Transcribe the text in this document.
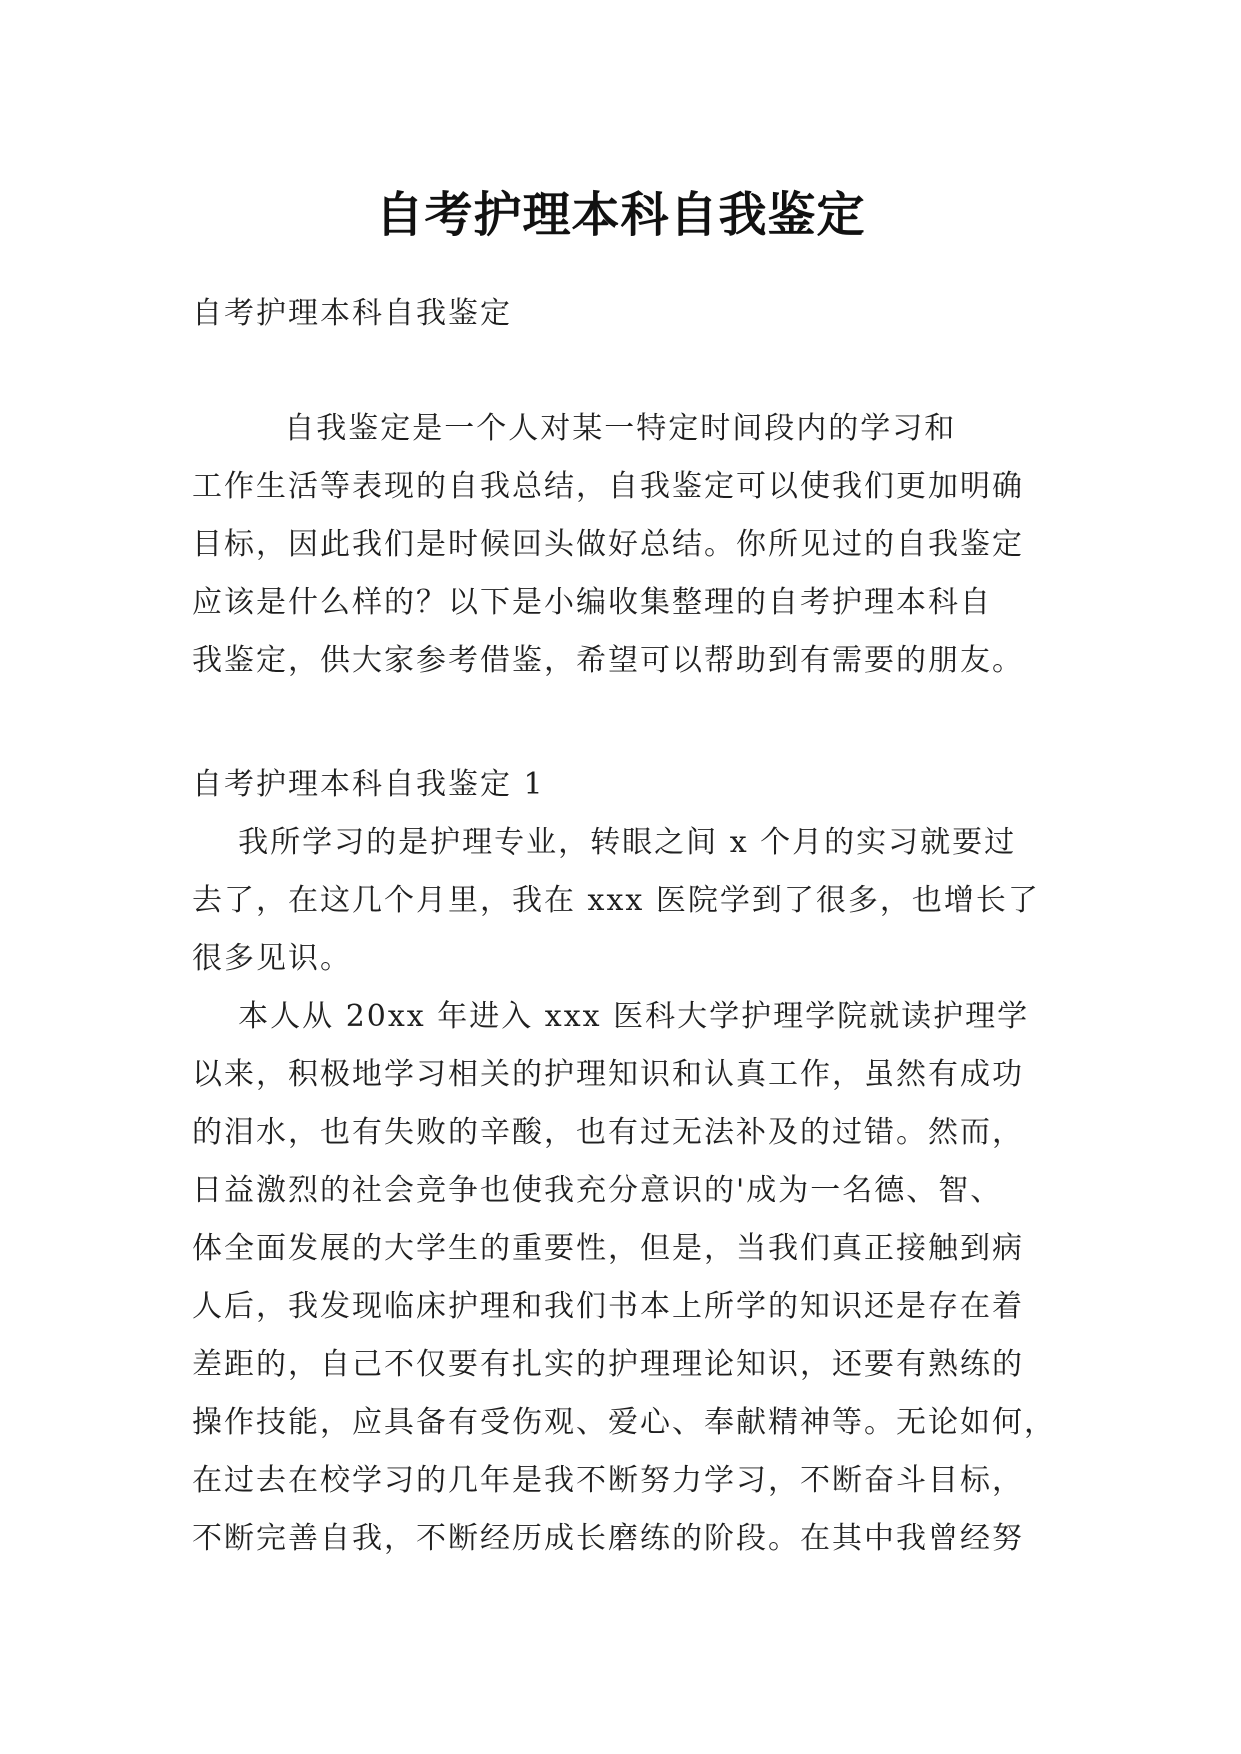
自考护理本科自我鉴定

自考护理本科自我鉴定

自我鉴定是一个人对某一特定时间段内的学习和

工作生活等表现的自我总结，自我鉴定可以使我们更加明确

目标，因此我们是时候回头做好总结。你所见过的自我鉴定

应该是什么样的？以下是小编收集整理的自考护理本科自

我鉴定，供大家参考借鉴，希望可以帮助到有需要的朋友。

自考护理本科自我鉴定 1

我所学习的是护理专业，转眼之间 x 个月的实习就要过

去了，在这几个月里，我在 xxx 医院学到了很多，也增长了

很多见识。

本人从 20xx 年进入 xxx 医科大学护理学院就读护理学

以来，积极地学习相关的护理知识和认真工作，虽然有成功

的泪水，也有失败的辛酸，也有过无法补及的过错。然而，

日益激烈的社会竞争也使我充分意识的'成为一名德、智、

体全面发展的大学生的重要性，但是，当我们真正接触到病

人后，我发现临床护理和我们书本上所学的知识还是存在着

差距的，自己不仅要有扎实的护理理论知识，还要有熟练的

操作技能，应具备有受伤观、爱心、奉献精神等。无论如何，

在过去在校学习的几年是我不断努力学习，不断奋斗目标，

不断完善自我，不断经历成长磨练的阶段。在其中我曾经努
